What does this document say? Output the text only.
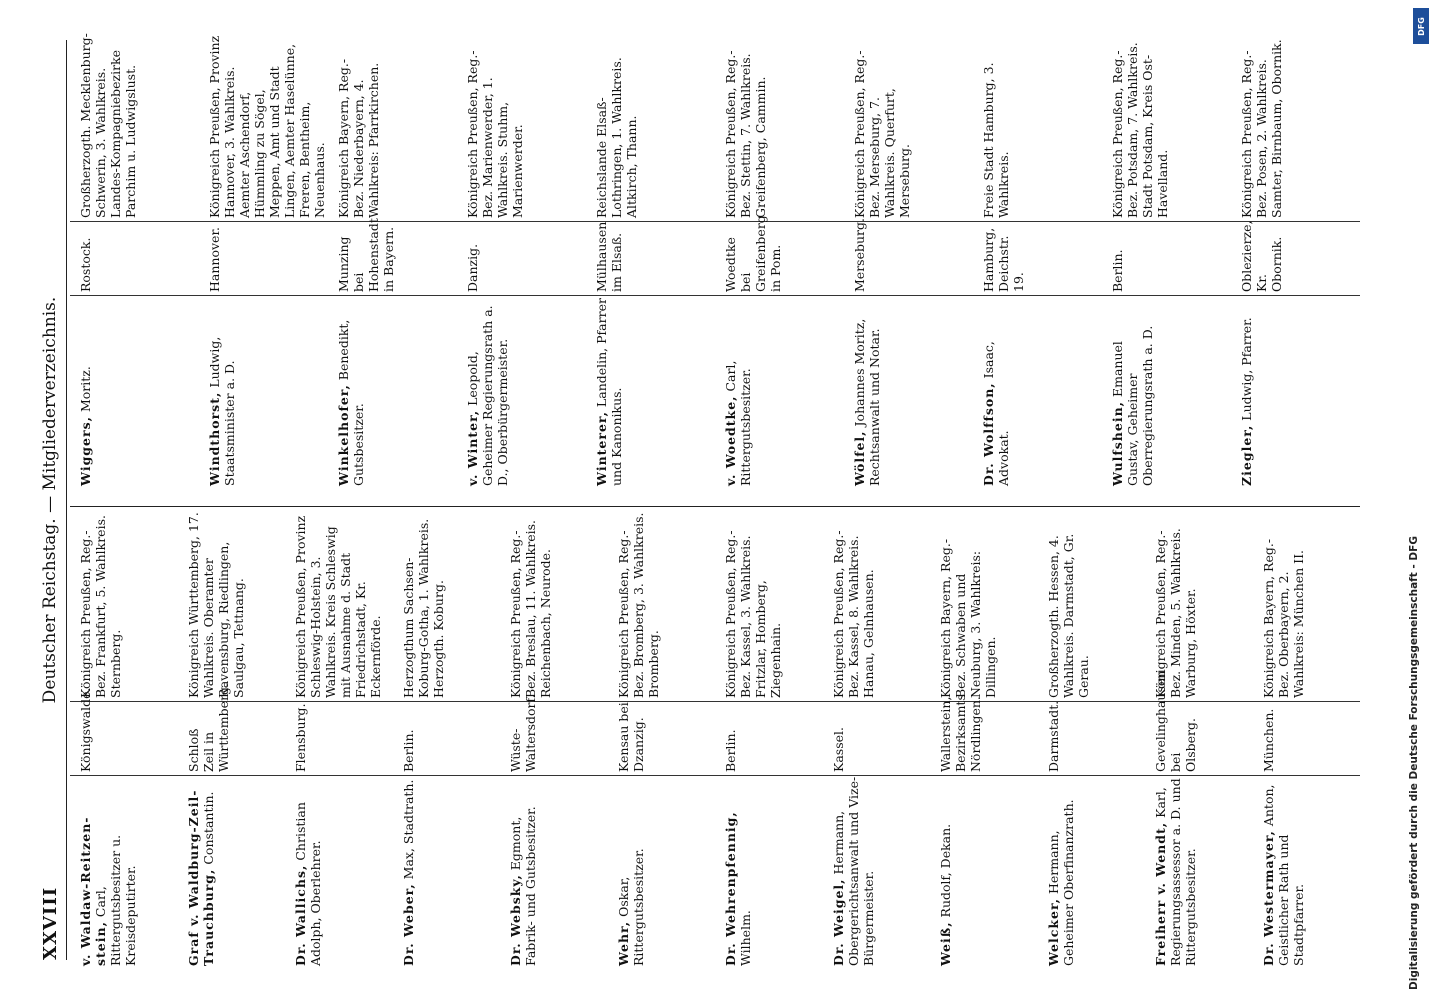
XXVIII
Deutscher Reichstag. — Mitgliederverzeichnis.
v. Waldaw-Reitzen-stein, Carl, Rittergutsbesitzer u. Kreisdeputirter.
Königswalde.
Königreich Preußen, Reg.-Bez. Frankfurt, 5. Wahlkreis. Sternberg.
Graf v. Waldburg-Zeil-Trauchburg, Constantin.
Schloß Zeil in Württemberg.
Königreich Württemberg, 17. Wahlkreis. Oberamter Ravensburg, Riedlingen, Saulgau, Tettnang.
Dr. Wallichs, Christian Adolph, Oberlehrer.
Flensburg.
Königreich Preußen, Provinz Schleswig-Holstein, 3. Wahlkreis. Kreis Schleswig mit Ausnahme d. Stadt Friedrichstadt, Kr. Eckernförde.
Dr. Weber, Max, Stadtrath.
Berlin.
Herzogthum Sachsen-Koburg-Gotha, 1. Wahlkreis. Herzogth. Koburg.
Dr. Websky, Egmont, Fabrik- und Gutsbesitzer.
Wüste-Waltersdorf.
Königreich Preußen, Reg.-Bez. Breslau, 11. Wahlkreis. Reichenbach, Neurode.
Wehr, Oskar, Rittergutsbesitzer.
Kensau bei Dzanzig.
Königreich Preußen, Reg.-Bez. Bromberg, 3. Wahlkreis. Bromberg.
Dr. Wehrenpfennig, Wilhelm.
Berlin.
Königreich Preußen, Reg.-Bez. Kassel, 3. Wahlkreis. Fritzlar, Homberg, Ziegenhain.
Dr. Weigel, Hermann, Obergerichtsanwalt und Vize-Bürgermeister.
Kassel.
Königreich Preußen, Reg.-Bez. Kassel, 8. Wahlkreis. Hanau, Gelnhausen.
Weiß, Rudolf, Dekan.
Wallerstein, Bezirksamts Nördlingen.
Königreich Bayern, Reg.-Bez. Schwaben und Neuburg, 3. Wahlkreis: Dillingen.
Welcker, Hermann, Geheimer Oberfinanzrath.
Darmstadt.
Großherzogth. Hessen, 4. Wahlkreis. Darmstadt, Gr. Gerau.
Freiherr v. Wendt, Karl, Regierungsassessor a. D. und Rittergutsbesitzer.
Gevelinghausen bei Olsberg.
Königreich Preußen, Reg.-Bez. Minden, 5. Wahlkreis. Warburg, Höxter.
Dr. Westermayer, Anton, Geistlicher Rath und Stadtpfarrer.
München.
Königreich Bayern, Reg.-Bez. Oberbayern, 2. Wahlkreis: München II.
Wiggers, Moritz.
Rostock.
Großherzogth. Mecklenburg-Schwerin, 3. Wahlkreis. Landes-Kompagniebezirke Parchim u. Ludwigslust.
Windthorst, Ludwig, Staatsminister a. D.
Hannover.
Königreich Preußen, Provinz Hannover, 3. Wahlkreis. Aemter Aschendorf, Hümmling zu Sögel, Meppen, Amt und Stadt Lingen, Aemter Haselünne, Freren, Bentheim, Neuenhaus.
Winkelhofer, Benedikt, Gutsbesitzer.
Munzing bei Hohenstadt in Bayern.
Königreich Bayern, Reg.-Bez. Niederbayern, 4. Wahlkreis: Pfarrkirchen.
v. Winter, Leopold, Geheimer Regierungsrath a. D., Oberbürgermeister.
Danzig.
Königreich Preußen, Reg.-Bez. Marienwerder, 1. Wahlkreis. Stuhm, Marienwerder.
Winterer, Landelin, Pfarrer und Kanonikus.
Mülhausen im Elsaß.
Reichslande Elsaß-Lothringen, 1. Wahlkreis. Altkirch, Thann.
v. Woedtke, Carl, Rittergutsbesitzer.
Woedtke bei Greifenberg in Pom.
Königreich Preußen, Reg.-Bez. Stettin, 7. Wahlkreis. Greifenberg, Cammin.
Wölfel, Johannes Moritz, Rechtsanwalt und Notar.
Merseburg.
Königreich Preußen, Reg.-Bez. Merseburg, 7. Wahlkreis. Querfurt, Merseburg.
Dr. Wolffson, Isaac, Advokat.
Hamburg, Deichstr. 19.
Freie Stadt Hamburg, 3. Wahlkreis.
Wulfshein, Emanuel Gustav, Geheimer Oberregierungsrath a. D.
Berlin.
Königreich Preußen, Reg.-Bez. Potsdam, 7. Wahlkreis. Stadt Potsdam, Kreis Ost-Havelland.
Ziegler, Ludwig, Pfarrer.
Oblezierze, Kr. Obornik.
Königreich Preußen, Reg.-Bez. Posen, 2. Wahlkreis. Samter, Birnbaum, Obornik.
Digitalisierung gefördert durch die Deutsche Forschungsgemeinschaft - DFG
DFG
